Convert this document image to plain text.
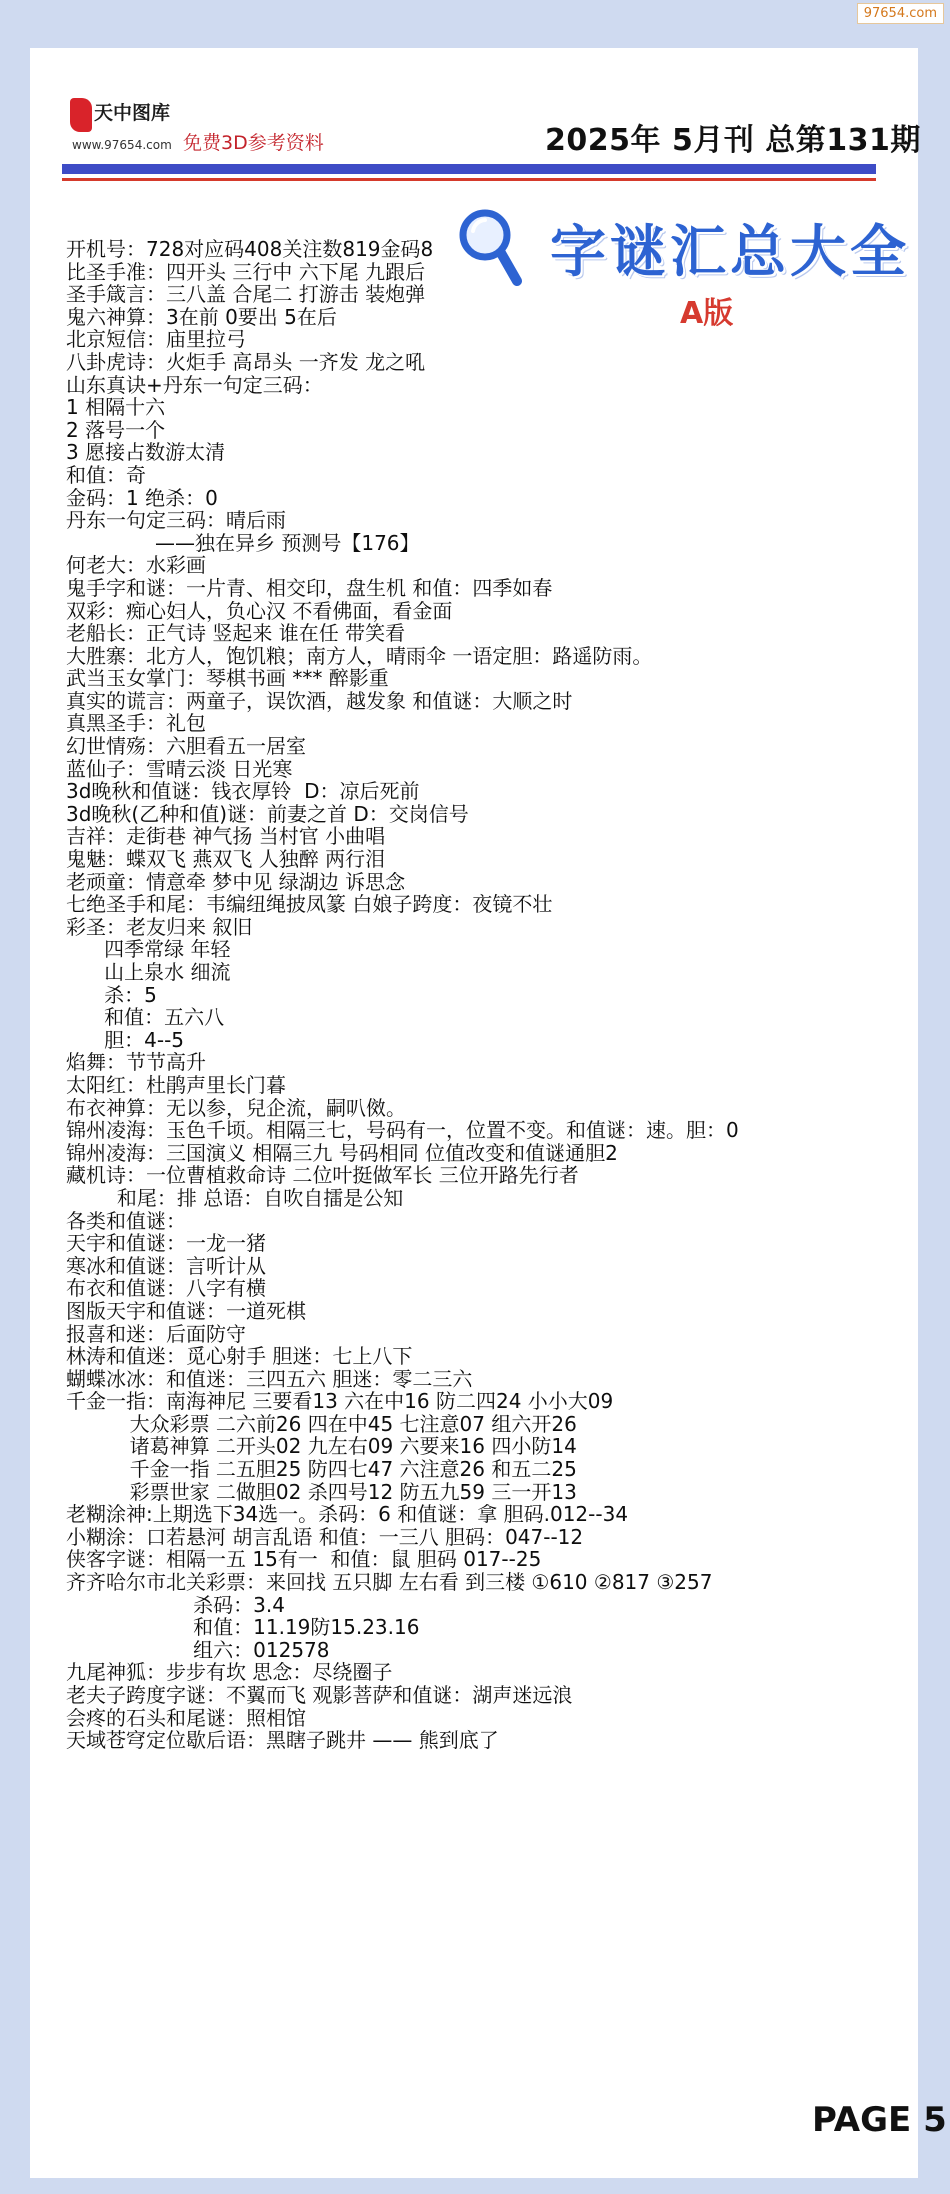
97654.com
天中图库
www.97654.com 免费3D参考资料	2025年 5月刊 总第131期
字谜汇总大全
A版
开机号：728对应码408关注数819金码8
比圣手准：四开头 三行中 六下尾 九跟后
圣手箴言：三八盖 合尾二 打游击 装炮弹
鬼六神算：3在前 0要出 5在后
北京短信：庙里拉弓
八卦虎诗：火炬手 高昂头 一齐发 龙之吼
山东真诀+丹东一句定三码：
1 相隔十六
2 落号一个
3 愿接占数游太清
和值：奇
金码：1 绝杀：0
丹东一句定三码：晴后雨
——独在异乡 预测号【176】
何老大：水彩画
鬼手字和谜：一片青、相交印，盘生机 和值：四季如春
双彩：痴心妇人，负心汉 不看佛面，看金面
老船长：正气诗 竖起来 谁在任 带笑看
大胜寨：北方人，饱饥粮；南方人，晴雨伞 一语定胆：路遥防雨。
武当玉女掌门：琴棋书画 *** 醉影重
真实的谎言：两童子，误饮酒，越发象 和值谜：大顺之时
真黑圣手：礼包
幻世情殇：六胆看五一居室
蓝仙子：雪晴云淡 日光寒
3d晚秋和值谜：钱衣厚铃  D：凉后死前
3d晚秋(乙种和值)谜：前妻之首 D：交岗信号
吉祥：走街巷 神气扬 当村官 小曲唱
鬼魅：蝶双飞 燕双飞 人独醉 两行泪
老顽童：情意牵 梦中见 绿湖边 诉思念
七绝圣手和尾：韦编纽绳披凤篆 白娘子跨度：夜镜不壮
彩圣：老友归来 叙旧
四季常绿 年轻
山上泉水 细流
杀：5
和值：五六八
胆：4--5
焰舞：节节高升
太阳红：杜鹃声里长门暮
布衣神算：无以参，兒企流，嗣叭傚。
锦州凌海：玉色千顷。相隔三七，号码有一，位置不变。和值谜：速。胆：0
锦州凌海：三国演义 相隔三九 号码相同 位值改变和值谜通胆2
藏机诗：一位曹植救命诗 二位叶挺做军长 三位开路先行者
和尾：排 总语：自吹自擂是公知
各类和值谜：
天宇和值谜：一龙一猪
寒冰和值谜：言听计从
布衣和值谜：八字有横
图版天宇和值谜：一道死棋
报喜和迷：后面防守
林涛和值迷：觅心射手 胆迷：七上八下
蝴蝶冰冰：和值迷：三四五六 胆迷：零二三六
千金一指：南海神尼 三要看13 六在中16 防二四24 小小大09
大众彩票 二六前26 四在中45 七注意07 组六开26
诸葛神算 二开头02 九左右09 六要来16 四小防14
千金一指 二五胆25 防四七47 六注意26 和五二25
彩票世家 二做胆02 杀四号12 防五九59 三一开13
老糊涂神:上期选下34选一。杀码：6 和值谜：拿 胆码.012--34
小糊涂：口若悬河 胡言乱语 和值：一三八 胆码：047--12
侠客字谜：相隔一五 15有一  和值：鼠 胆码 017--25
齐齐哈尔市北关彩票：来回找 五只脚 左右看 到三楼 ①610 ②817 ③257
杀码：3.4
和值：11.19防15.23.16
组六：012578
九尾神狐：步步有坎 思念：尽绕圈子
老夫子跨度字谜：不翼而飞 观影菩萨和值谜：湖声迷远浪
会疼的石头和尾谜：照相馆
天域苍穹定位歇后语：黑瞎子跳井 —— 熊到底了
PAGE 5
